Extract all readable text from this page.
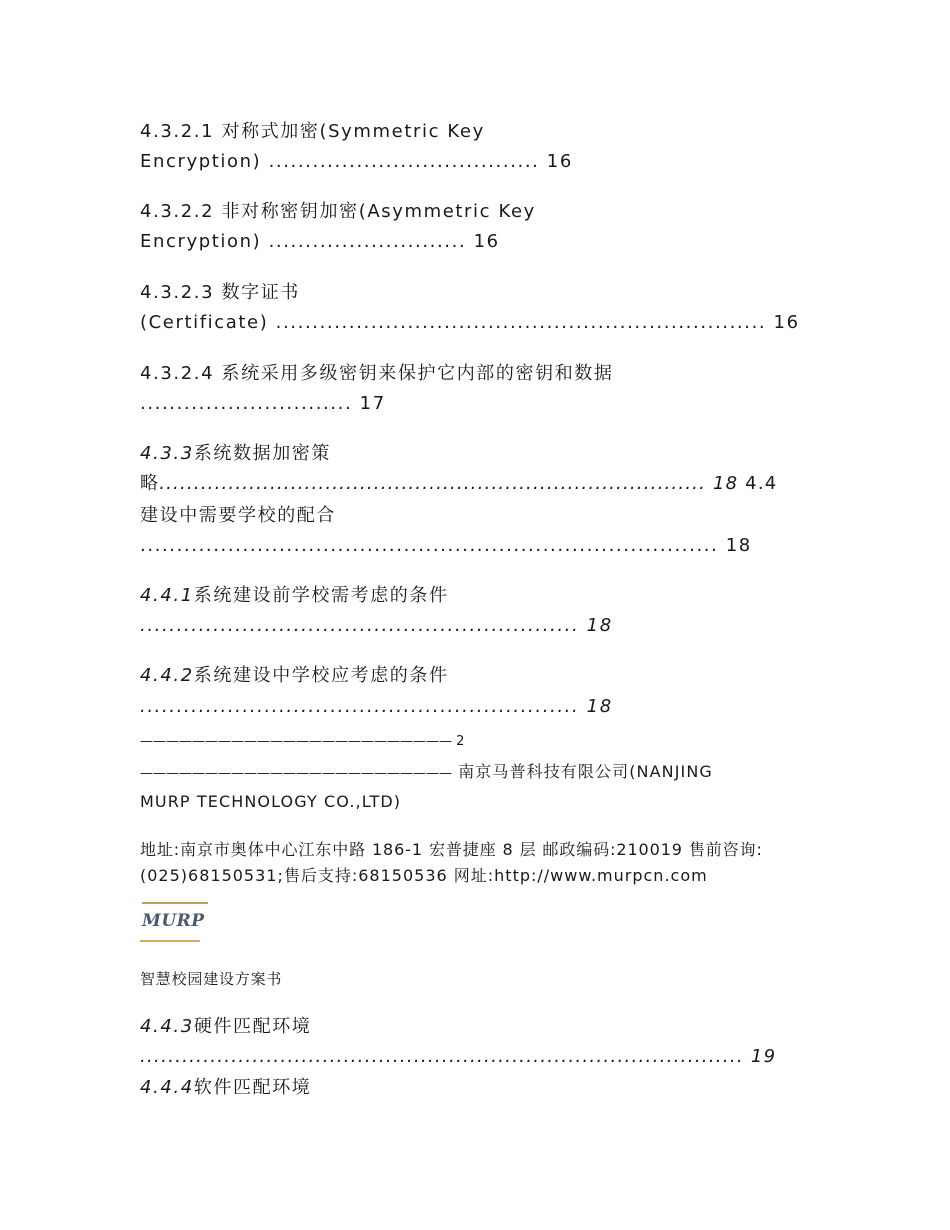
4.3.2.1 对称式加密(Symmetric Key
Encryption) ..................................... 16
4.3.2.2 非对称密钥加密(Asymmetric Key
Encryption) ........................... 16
4.3.2.3 数字证书
(Certificate) ................................................................... 16
4.3.2.4 系统采用多级密钥来保护它内部的密钥和数据
............................. 17
4.3.3系统数据加密策
略............................................................................... 18 4.4
建设中需要学校的配合
............................................................................... 18
4.4.1系统建设前学校需考虑的条件
............................................................ 18
4.4.2系统建设中学校应考虑的条件
............................................................ 18
———————————————————————— 2
———————————————————————— 南京马普科技有限公司(NANJING
MURP TECHNOLOGY CO.,LTD)
地址:南京市奥体中心江东中路 186-1 宏普捷座 8 层 邮政编码:210019 售前咨询:
(025)68150531;售后支持:68150536 网址:http://www.murpcn.com
MURP
智慧校园建设方案书
4.4.3硬件匹配环境
...................................................................................... 19
4.4.4软件匹配环境
